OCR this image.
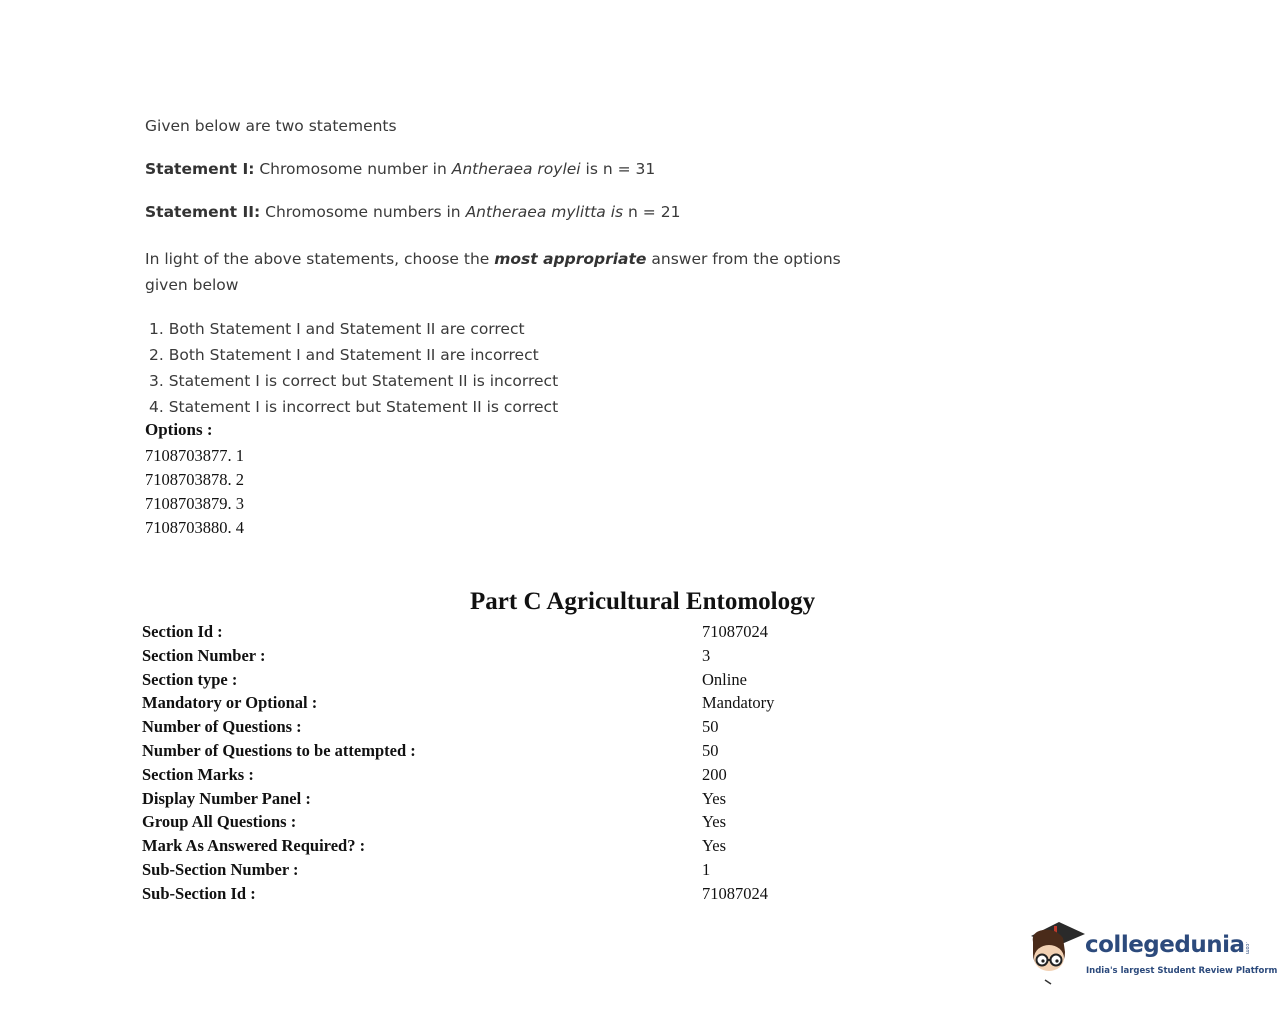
Given below are two statements
Statement I: Chromosome number in Antheraea roylei is n = 31
Statement II: Chromosome numbers in Antheraea mylitta is n = 21
In light of the above statements, choose the most appropriate answer from the options given below
1. Both Statement I and Statement II are correct
2. Both Statement I and Statement II are incorrect
3. Statement I is correct but Statement II is incorrect
4. Statement I is incorrect but Statement II is correct
Options :
7108703877. 1
7108703878. 2
7108703879. 3
7108703880. 4
Part C Agricultural Entomology
Section Id :	71087024
Section Number :	3
Section type :	Online
Mandatory or Optional :	Mandatory
Number of Questions :	50
Number of Questions to be attempted :	50
Section Marks :	200
Display Number Panel :	Yes
Group All Questions :	Yes
Mark As Answered Required? :	Yes
Sub-Section Number :	1
Sub-Section Id :	71087024
collegedunia .com
India's largest Student Review Platform
